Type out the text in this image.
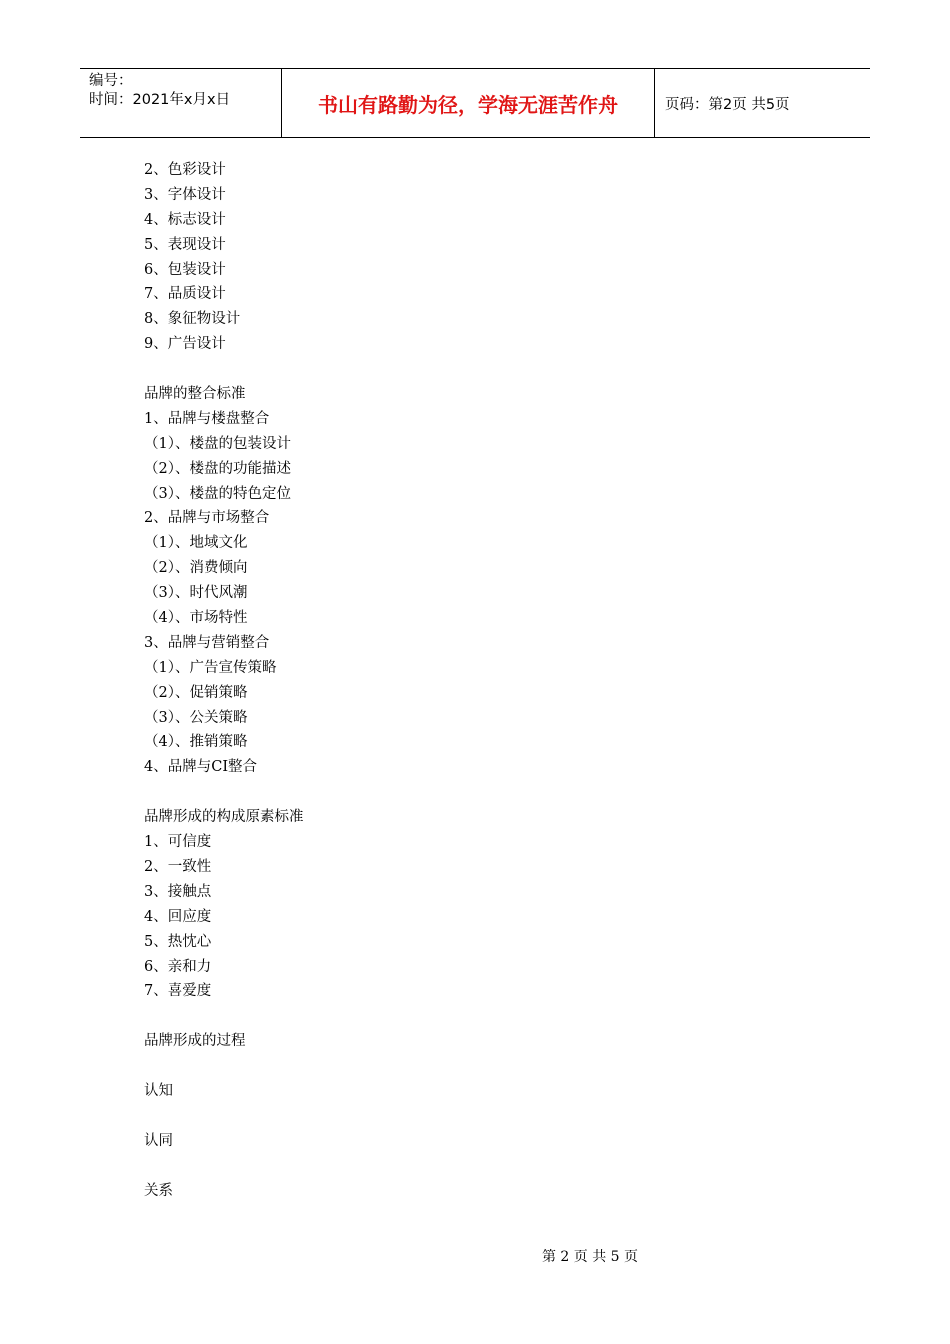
编号：
时间：2021年x月x日	书山有路勤为径，学海无涯苦作舟	页码：第2页 共5页
2、色彩设计
3、字体设计
4、标志设计
5、表现设计
6、包装设计
7、品质设计
8、象征物设计
9、广告设计
品牌的整合标准
1、品牌与楼盘整合
（1）、楼盘的包装设计
（2）、楼盘的功能描述
（3）、楼盘的特色定位
2、品牌与市场整合
（1）、地域文化
（2）、消费倾向
（3）、时代风潮
（4）、市场特性
3、品牌与营销整合
（1）、广告宣传策略
（2）、促销策略
（3）、公关策略
（4）、推销策略
4、品牌与CI整合
品牌形成的构成原素标准
1、可信度
2、一致性
3、接触点
4、回应度
5、热忱心
6、亲和力
7、喜爱度
品牌形成的过程
认知
认同
关系
第 2 页 共 5 页
